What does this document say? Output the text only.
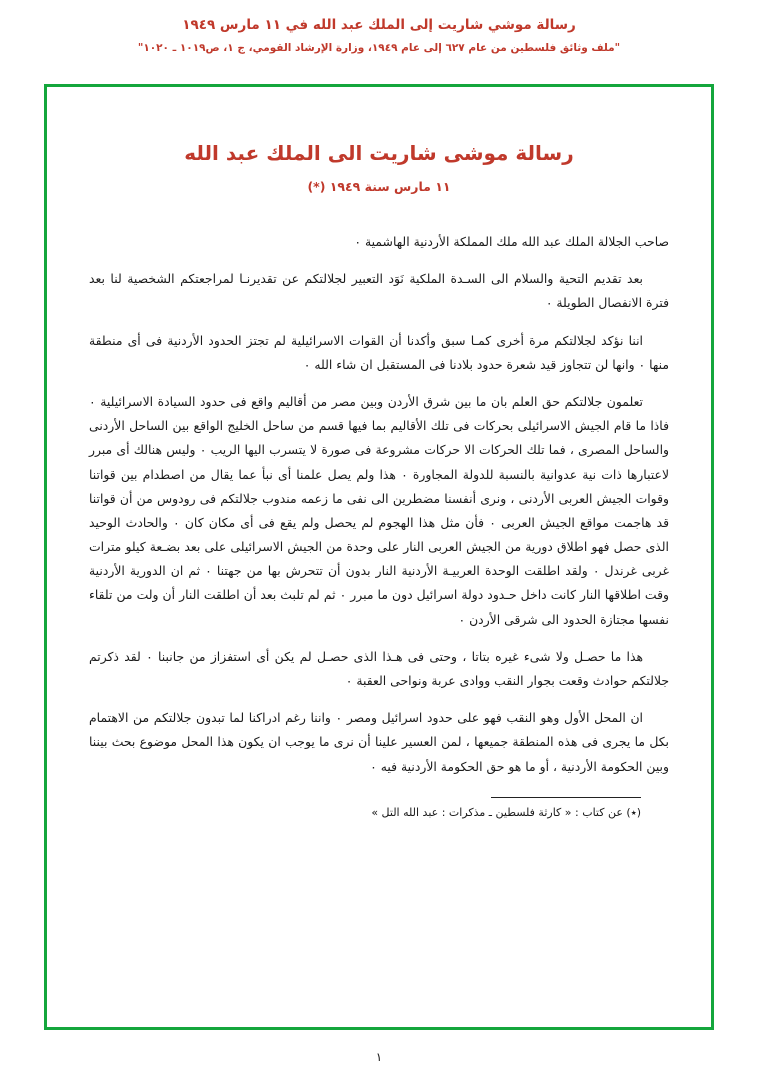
رسالة موشي شاريت إلى الملك عبد الله في ١١ مارس ١٩٤٩
"ملف وثائق فلسطين من عام ٦٢٧ إلى عام ١٩٤٩، وزارة الإرشاد القومي، ج ١، ص١٠١٩ ـ ١٠٢٠"
رسالة موشى شاريت الى الملك عبد الله
١١ مارس سنة ١٩٤٩ (*)

صاحب الجلالة الملك عبد الله ملك المملكة الأردنية الهاشمية ٠

بعد تقديم التحية والسلام الى السـدة الملكية نَوَد التعبير لجلالتكم عن تقديرنـا لمراجعتكم الشخصية لنا بعد فترة الانفصال الطويلة ٠

اننا نؤكد لجلالتكم مرة أخرى كمـا سبق وأكدنا أن القوات الاسرائيلية لم تجتز الحدود الأردنية فى أى منطقة منها ٠ وانها لن تتجاوز قيد شعرة حدود بلادنا فى المستقبل ان شاء الله ٠

تعلمون جلالتكم حق العلم بان ما بين شرق الأردن وبين مصر من أقاليم واقع فى حدود السيادة الاسرائيلية ٠ فاذا ما قام الجيش الاسرائيلى بحركات فى تلك الأقاليم بما فيها قسم من ساحل الخليج الواقع بين الساحل الأردنى والساحل المصرى ، فما تلك الحركات الا حركات مشروعة فى صورة لا يتسرب اليها الريب ٠ وليس هنالك أى مبرر لاعتبارها ذات نية عدوانية بالنسبة للدولة المجاورة ٠ هذا ولم يصل علمنا أى نبأ عما يقال من اصطدام بين قواتنا وقوات الجيش العربى الأردنى ، ونرى أنفسنا مضطرين الى نفى ما زعمه مندوب جلالتكم فى رودوس من أن قواتنا قد هاجمت مواقع الجيش العربى ٠ فأن مثل هذا الهجوم لم يحصل ولم يقع فى أى مكان كان ٠ والحادث الوحيد الذى حصل فهو اطلاق دورية من الجيش العربى النار على وحدة من الجيش الاسرائيلى على بعد بضـعة كيلو مترات غربى غرندل ٠ ولقد اطلقت الوحدة العربيـة الأردنية النار بدون أن تتحرش بها من جهتنا ٠ ثم ان الدورية الأردنية وقت اطلاقها النار كانت داخل حـدود دولة اسرائيل دون ما مبرر ٠ ثم لم تلبث بعد أن اطلقت النار أن ولت من تلقاء نفسها مجتازة الحدود الى شرقى الأردن ٠

هذا ما حصـل ولا شىء غيره بتاتا ، وحتى فى هـذا الذى حصـل لم يكن أى استفزاز من جانبنا ٠ لقد ذكرتم جلالتكم حوادث وقعت بجوار النقب ووادى عربة ونواحى العقبة ٠

ان المحل الأول وهو النقب فهو على حدود اسرائيل ومصر ٠ واننا رغم ادراكنا لما تبدون جلالتكم من الاهتمام بكل ما يجرى فى هذه المنطقة جميعها ، لمن العسير علينا أن نرى ما يوجب ان يكون هذا المحل موضوع بحث بيننا وبين الحكومة الأردنية ، أو ما هو حق الحكومة الأردنية فيه ٠

(٭) عن كتاب : « كارثة فلسطين ـ مذكرات : عبد الله التل »
١
